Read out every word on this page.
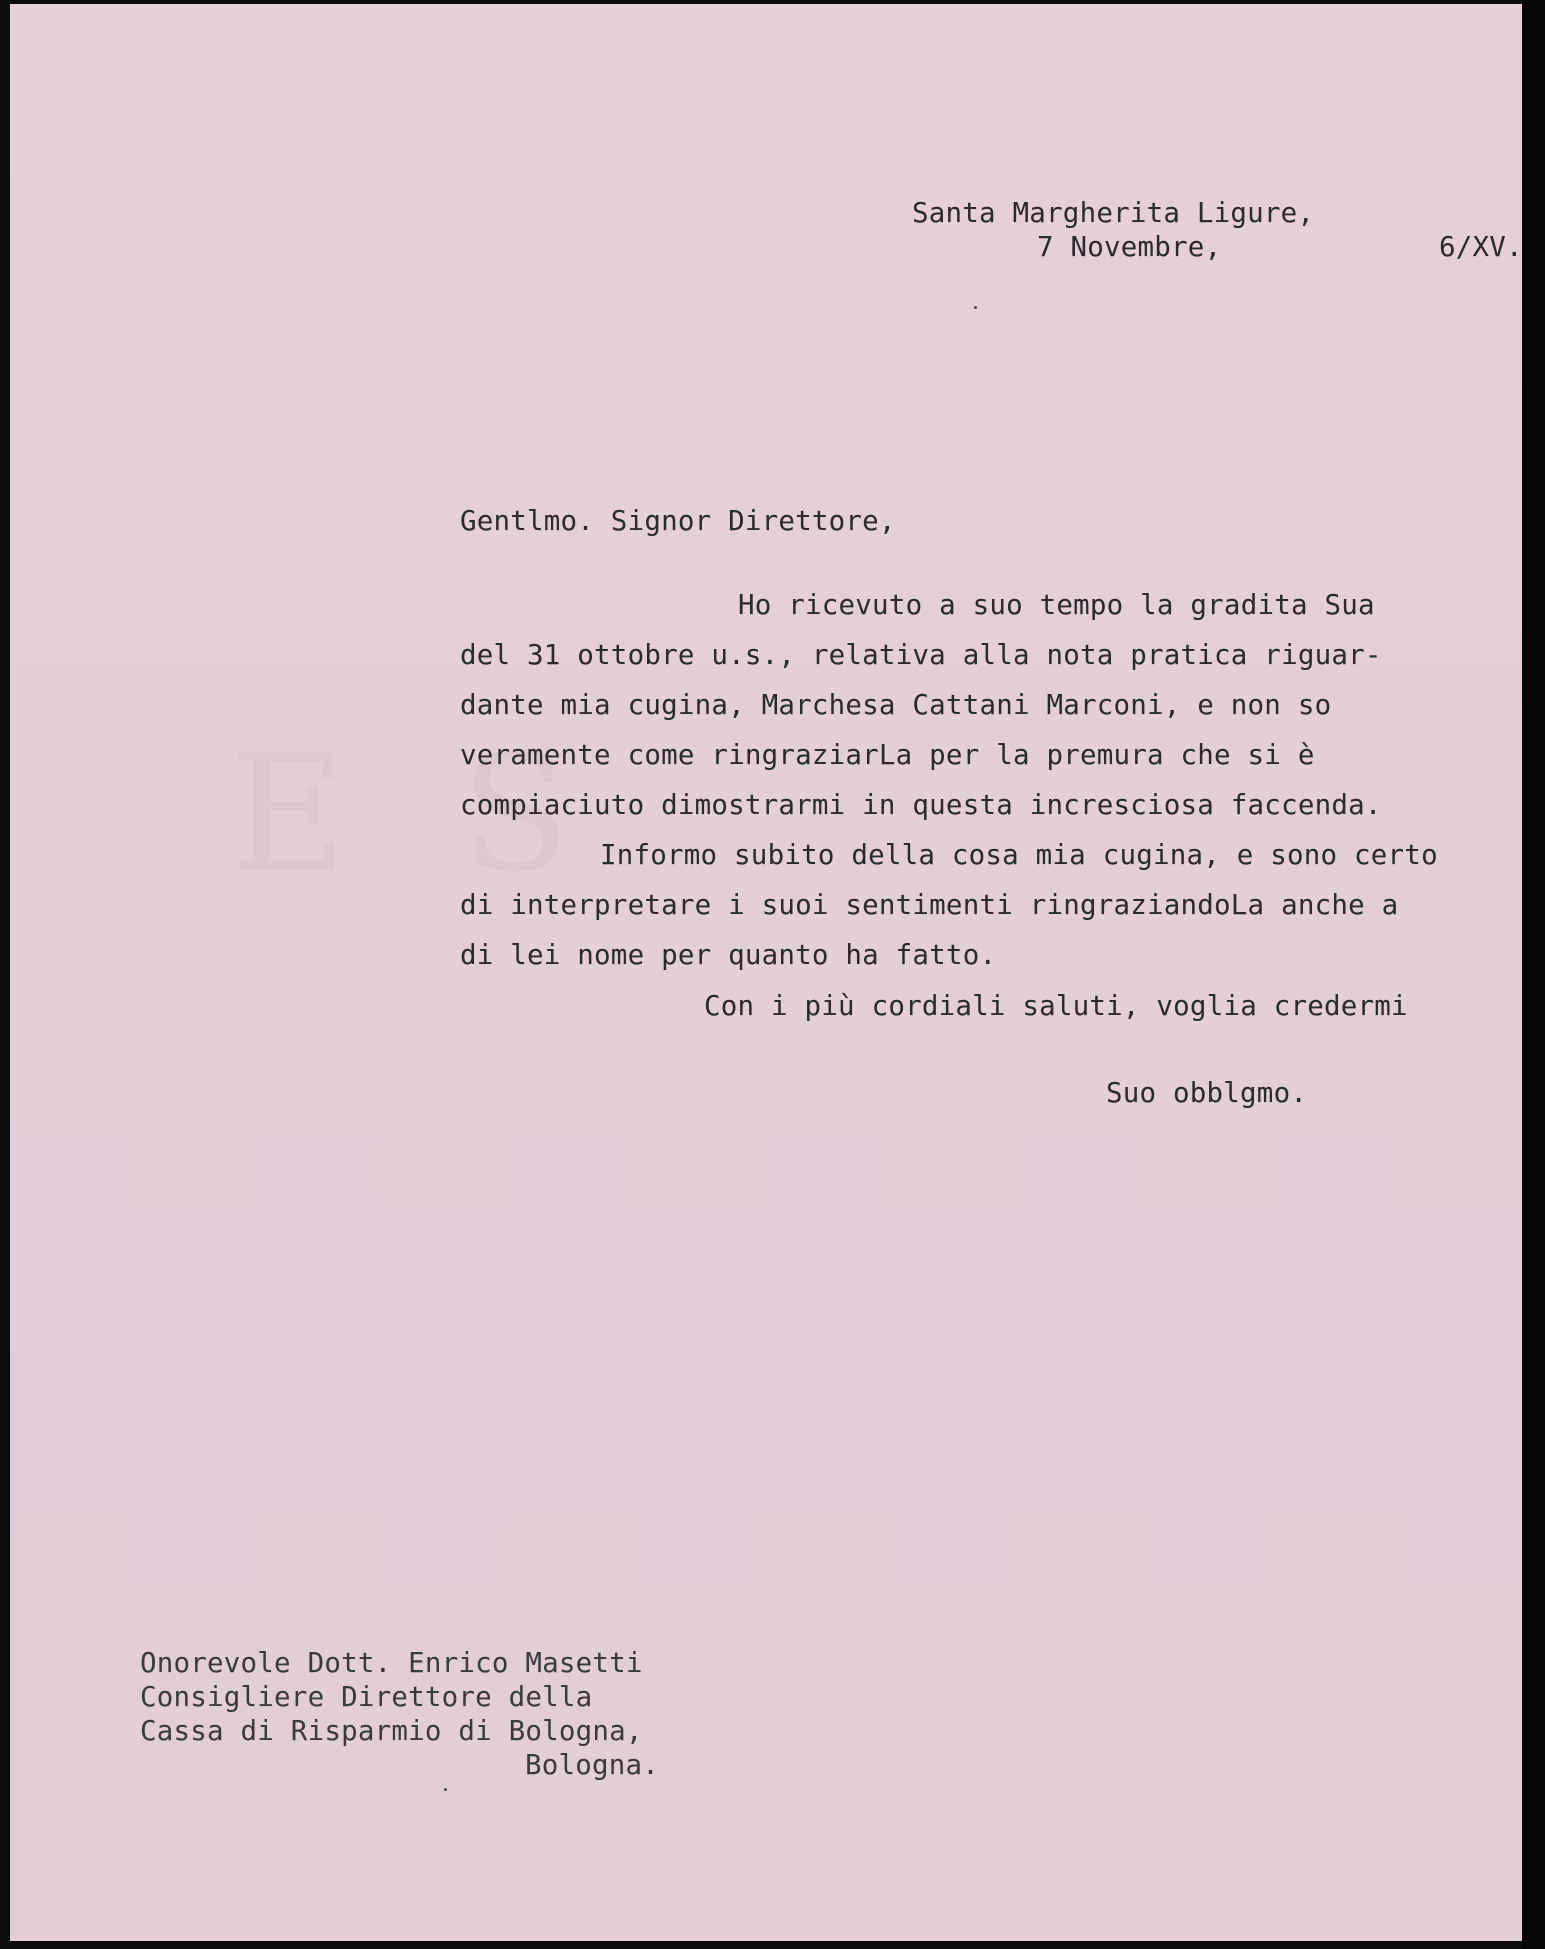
E    S
Santa Margherita Ligure,
7 Novembre,	6/XV.
Gentlmo. Signor Direttore,
Ho ricevuto a suo tempo la gradita Sua
del 31 ottobre u.s., relativa alla nota pratica riguar-
dante mia cugina, Marchesa Cattani Marconi, e non so
veramente come ringraziarLa per la premura che si è
compiaciuto dimostrarmi in questa incresciosa faccenda.
Informo subito della cosa mia cugina, e sono certo
di interpretare i suoi sentimenti ringraziandoLa anche a
di lei nome per quanto ha fatto.
Con i più cordiali saluti, voglia credermi
Suo obblgmo.
Onorevole Dott. Enrico Masetti
Consigliere Direttore della
Cassa di Risparmio di Bologna,
Bologna.
